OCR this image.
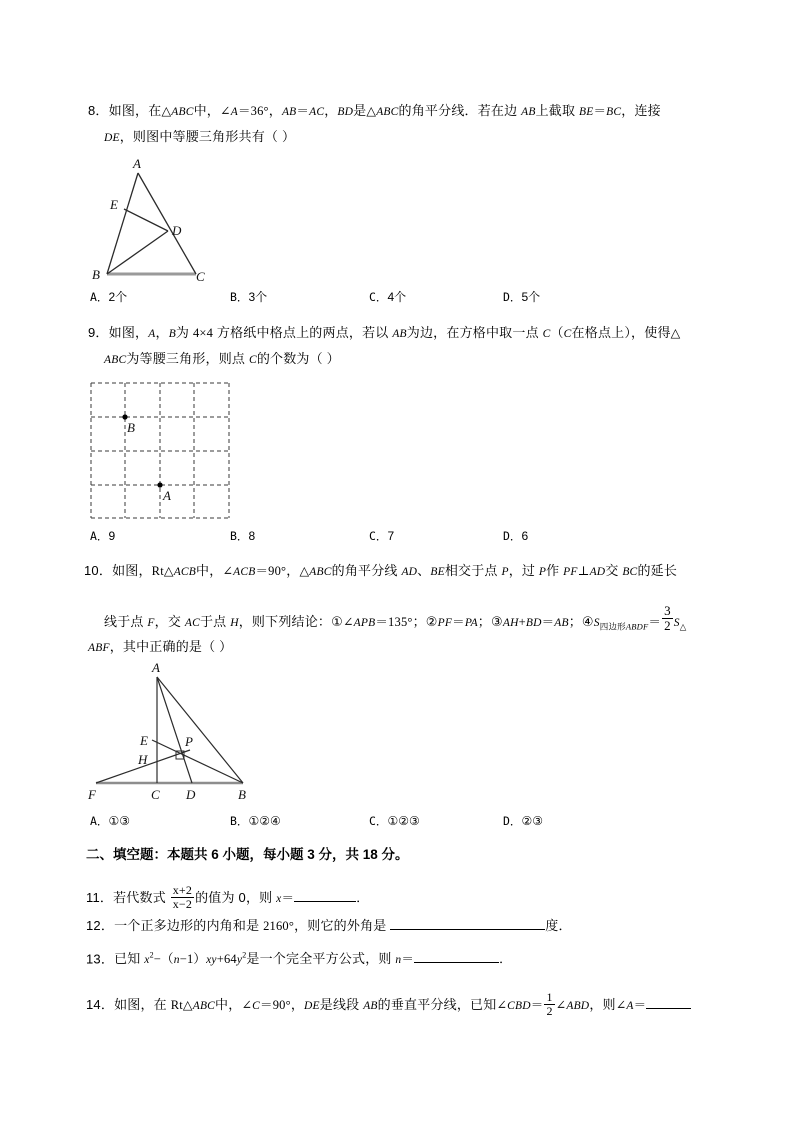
8．如图，在△ABC中，∠A＝36°，AB＝AC，BD是△ABC的角平分线．若在边 AB上截取 BE＝BC，连接
DE，则图中等腰三角形共有（ ）
A
E
D
B	C
A．2个	B．3个	C．4个	D．5个
9．如图，A，B为 4×4 方格纸中格点上的两点，若以 AB为边，在方格中取一点 C（C在格点上），使得△
ABC为等腰三角形，则点 C的个数为（ ）
B
A
A．9	B．8	C．7	D．6
10．如图，Rt△ACB中，∠ACB＝90°，△ABC的角平分线 AD、BE相交于点 P，过 P作 PF⊥AD交 BC的延长
线于点 F，交 AC于点 H，则下列结论：①∠APB＝135°；②PF＝PA；③AH+BD＝AB；$④S_{四边形ABDF}= \frac{3}{2} S_\triangle$
ABF，其中正确的是（ ）
A
E
H
P
F	C D	B
A．①③	B．①②④	C．①②③	D．②③
二、填空题：本题共 6 小题，每小题 3 分，共 18 分。
11．若代数式 $\frac{x+2}{x-2}$ 的值为 0，则 x＝	．
12．一个正多边形的内角和是 2160°，则它的外角是	度．
13．已知 $x^2-(n-1)xy+64y^2$是一个完全平方公式，则 n＝	．
14．如图，在 Rt△ABC中，∠C＝90°，DE是线段 AB的垂直平分线，已知∠CBD＝ $\frac{1}{2}$ ∠ABD，则∠A＝
